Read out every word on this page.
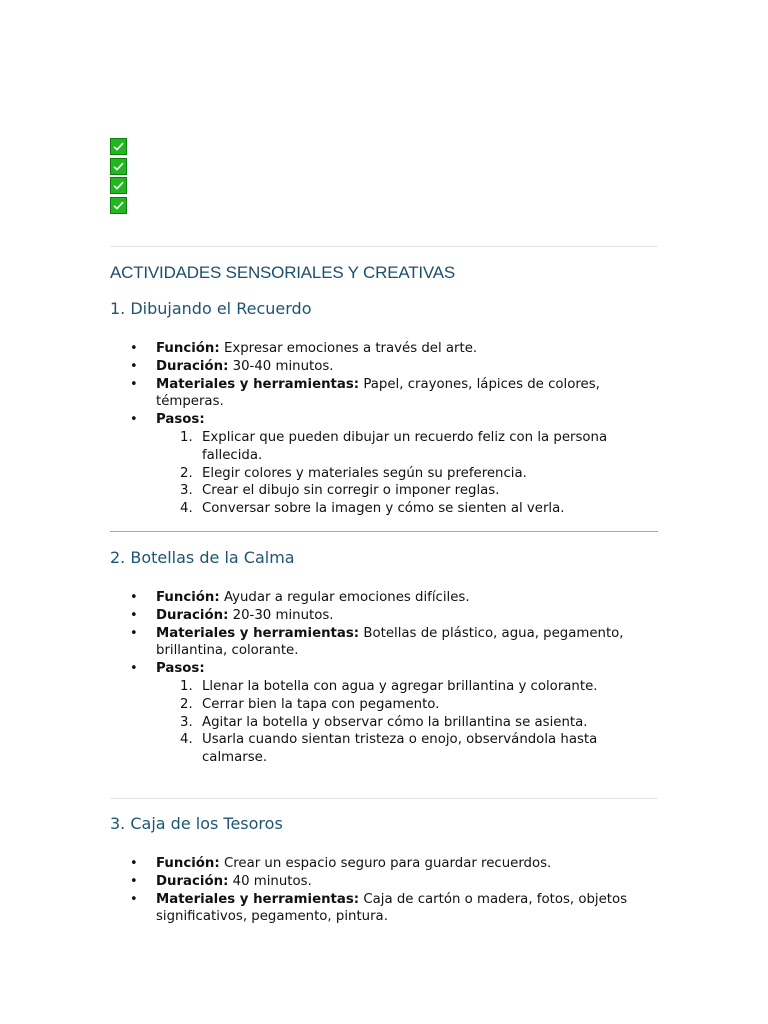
ACTIVIDADES SENSORIALES Y CREATIVAS
1. Dibujando el Recuerdo
• Función: Expresar emociones a través del arte.
• Duración: 30-40 minutos.
• Materiales y herramientas: Papel, crayones, lápices de colores, témperas.
• Pasos:
1. Explicar que pueden dibujar un recuerdo feliz con la persona fallecida.
2. Elegir colores y materiales según su preferencia.
3. Crear el dibujo sin corregir o imponer reglas.
4. Conversar sobre la imagen y cómo se sienten al verla.
2. Botellas de la Calma
• Función: Ayudar a regular emociones difíciles.
• Duración: 20-30 minutos.
• Materiales y herramientas: Botellas de plástico, agua, pegamento, brillantina, colorante.
• Pasos:
1. Llenar la botella con agua y agregar brillantina y colorante.
2. Cerrar bien la tapa con pegamento.
3. Agitar la botella y observar cómo la brillantina se asienta.
4. Usarla cuando sientan tristeza o enojo, observándola hasta calmarse.
3. Caja de los Tesoros
• Función: Crear un espacio seguro para guardar recuerdos.
• Duración: 40 minutos.
• Materiales y herramientas: Caja de cartón o madera, fotos, objetos significativos, pegamento, pintura.
